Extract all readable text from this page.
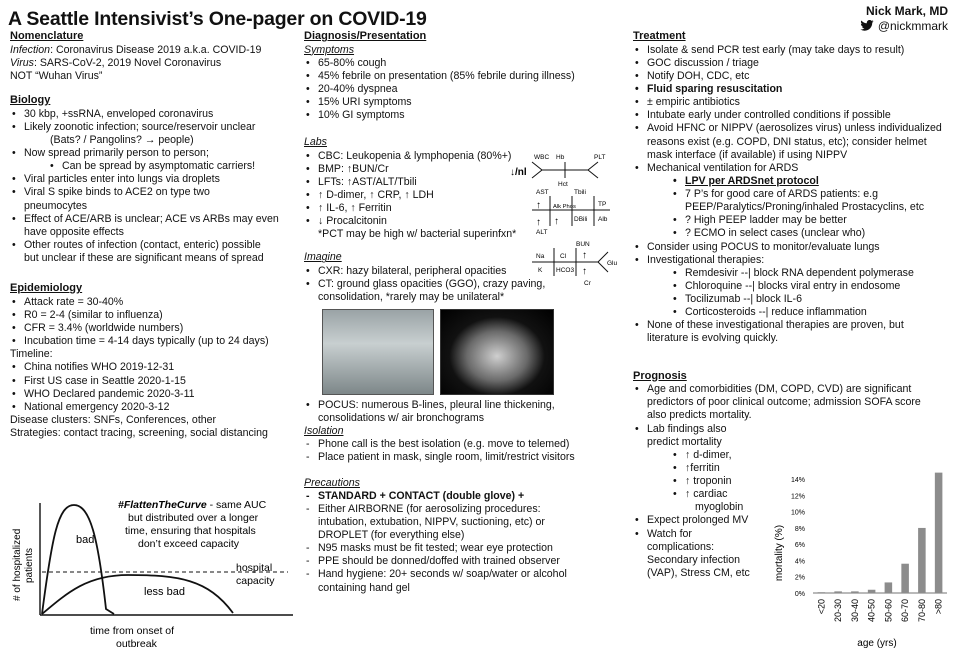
A Seattle Intensivist’s One-pager on COVID-19	Nick Mark, MD
@nickmmark
Nomenclature
Infection: Coronavirus Disease 2019 a.k.a. COVID-19
Virus: SARS-CoV-2, 2019 Novel Coronavirus
NOT “Wuhan Virus”
Biology
• 30 kbp, +ssRNA, enveloped coronavirus
• Likely zoonotic infection; source/reservoir unclear
(Bats? / Pangolins? → people)
• Now spread primarily person to person;
• Can be spread by asymptomatic carriers!
• Viral particles enter into lungs via droplets
• Viral S spike binds to ACE2 on type two
pneumocytes
• Effect of ACE/ARB is unclear; ACE vs ARBs may even
have opposite effects
• Other routes of infection (contact, enteric) possible
but unclear if these are significant means of spread
Epidemiology
• Attack rate = 30-40%
• R0 = 2-4 (similar to influenza)
• CFR = 3.4% (worldwide numbers)
• Incubation time = 4-14 days typically (up to 24 days)
Timeline:
• China notifies WHO 2019-12-31
• First US case in Seattle 2020-1-15
• WHO Declared pandemic 2020-3-11
• National emergency 2020-3-12
Disease clusters: SNFs, Conferences, other
Strategies: contact tracing, screening, social distancing
bad
less bad
hospital
capacity
# of hospitalized patients
time from onset of
outbreak
#FlattenTheCurve - same AUC
but distributed over a longer
time, ensuring that hospitals
don’t exceed capacity
Diagnosis/Presentation
Symptoms
• 65-80% cough
• 45% febrile on presentation (85% febrile during illness)
• 20-40% dyspnea
• 15% URI symptoms
• 10% GI symptoms
Labs
• CBC: Leukopenia & lymphopenia (80%+)
• BMP: ↑BUN/Cr
• LFTs: ↑AST/ALT/Tbili
• ↑ D-dimer, ↑ CRP, ↑ LDH
• ↑ IL-6, ↑ Ferritin
• ↓ Procalcitonin
*PCT may be high w/ bacterial superinfxn*
Imagine
• CXR: hazy bilateral, peripheral opacities
• CT: ground glass opacities (GGO), crazy paving,
consolidation, *rarely may be unilateral*
• POCUS: numerous B-lines, pleural line thickening,
consolidations w/ air bronchograms
Isolation
- Phone call is the best isolation (e.g. move to telemed)
- Place patient in mask, single room, limit/restrict visitors
Precautions
- STANDARD + CONTACT (double glove) +
- Either AIRBORNE (for aerosolizing procedures:
intubation, extubation, NIPPV, suctioning, etc) or
DROPLET (for everything else)
- N95 masks must be fit tested; wear eye protection
- PPE should be donned/doffed with trained observer
- Hand hygiene: 20+ seconds w/ soap/water or alcohol
containing hand gel
WBC Hb	PLT
Hct
↓/nl
AST	Tbili
Alk Phos	TP
ALT
DBili Alb
↑
↑ ↑
Na Cl
BUN
K HCO3
Cr
Glu
↑
↑
Treatment
• Isolate & send PCR test early (may take days to result)
• GOC discussion / triage
• Notify DOH, CDC, etc
• Fluid sparing resuscitation
• ± empiric antibiotics
• Intubate early under controlled conditions if possible
• Avoid HFNC or NIPPV (aerosolizes virus) unless individualized
reasons exist (e.g. COPD, DNI status, etc); consider helmet
mask interface (if available) if using NIPPV
• Mechanical ventilation for ARDS
• LPV per ARDSnet protocol
• 7 P’s for good care of ARDS patients: e.g
PEEP/Paralytics/Proning/inhaled Prostacyclins, etc
• ? High PEEP ladder may be better
• ? ECMO in select cases (unclear who)
• Consider using POCUS to monitor/evaluate lungs
• Investigational therapies:
• Remdesivir --| block RNA dependent polymerase
• Chloroquine --| blocks viral entry in endosome
• Tocilizumab --| block IL-6
• Corticosteroids --| reduce inflammation
• None of these investigational therapies are proven, but
literature is evolving quickly.
Prognosis
• Age and comorbidities (DM, COPD, CVD) are significant
predictors of poor clinical outcome; admission SOFA score
also predicts mortality.
• Lab findings also
predict mortality
• ↑ d-dimer,
• ↑ferritin
• ↑ troponin
• ↑ cardiac
myoglobin
• Expect prolonged MV
• Watch for
complications:
Secondary infection
(VAP), Stress CM, etc	mortality (%)
age (yrs)
0%
2%
4%
6%
8%
10%
12%
14%
<20 20-30 30-40 40-50 50-60 60-70 70-80 >80
